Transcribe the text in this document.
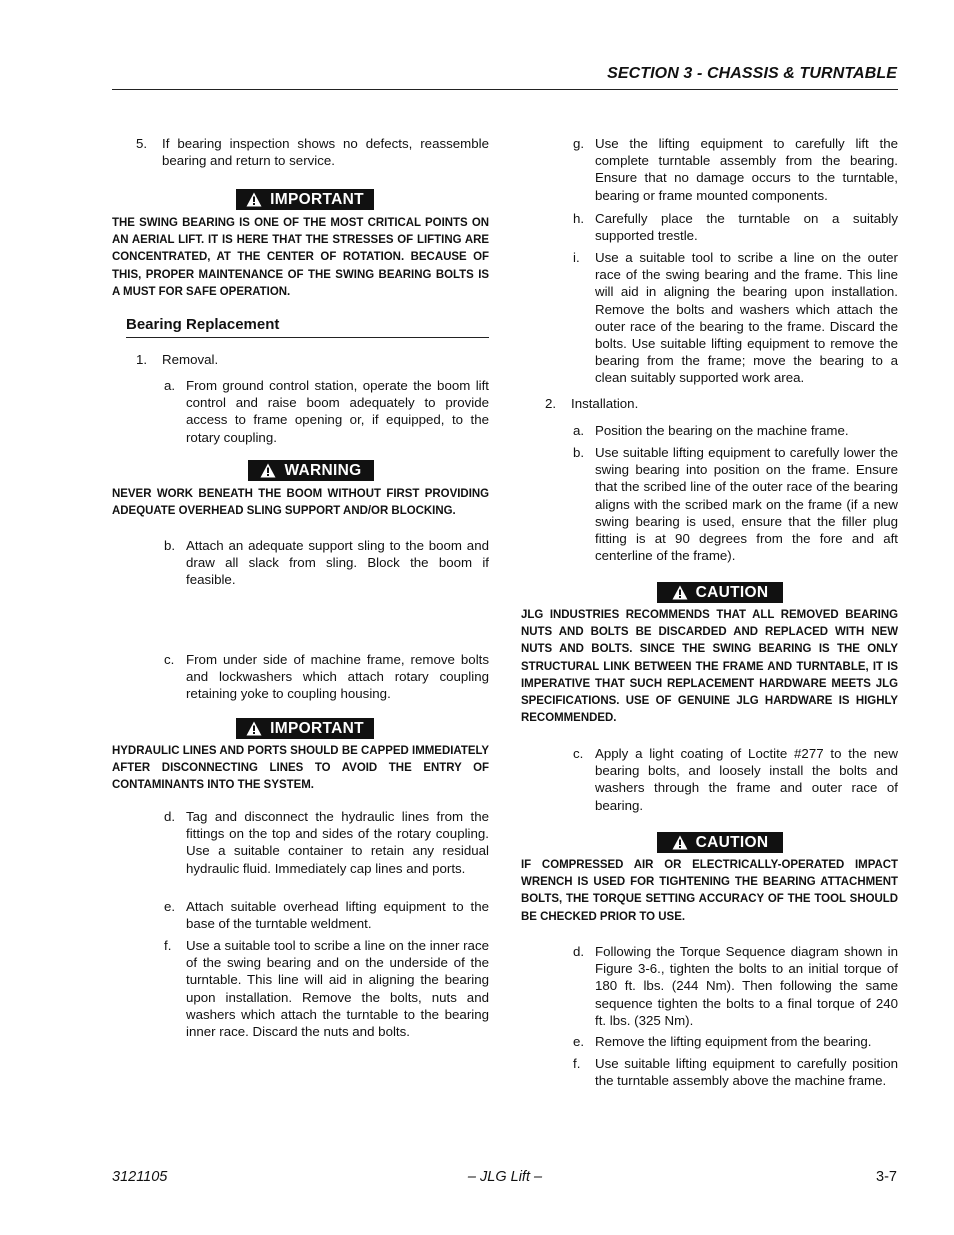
SECTION 3 - CHASSIS & TURNTABLE
5.	If bearing inspection shows no defects, reassemble bearing and return to service.
IMPORTANT
THE SWING BEARING IS ONE OF THE MOST CRITICAL POINTS ON AN AERIAL LIFT. IT IS HERE THAT THE STRESSES OF LIFTING ARE CONCENTRATED, AT THE CENTER OF ROTATION. BECAUSE OF THIS, PROPER MAINTENANCE OF THE SWING BEARING BOLTS IS A MUST FOR SAFE OPERATION.
Bearing Replacement
1.	Removal.
a. From ground control station, operate the boom lift control and raise boom adequately to provide access to frame opening or, if equipped, to the rotary coupling.
WARNING
NEVER WORK BENEATH THE BOOM WITHOUT FIRST PROVIDING ADEQUATE OVERHEAD SLING SUPPORT AND/OR BLOCKING.
b. Attach an adequate support sling to the boom and draw all slack from sling. Block the boom if feasible.
c. From under side of machine frame, remove bolts and lockwashers which attach rotary coupling retaining yoke to coupling housing.
IMPORTANT
HYDRAULIC LINES AND PORTS SHOULD BE CAPPED IMMEDIATELY AFTER DISCONNECTING LINES TO AVOID THE ENTRY OF CONTAMINANTS INTO THE SYSTEM.
d. Tag and disconnect the hydraulic lines from the fittings on the top and sides of the rotary coupling. Use a suitable container to retain any residual hydraulic fluid. Immediately cap lines and ports.
e. Attach suitable overhead lifting equipment to the base of the turntable weldment.
f.	Use a suitable tool to scribe a line on the inner race of the swing bearing and on the underside of the turntable. This line will aid in aligning the bearing upon installation. Remove the bolts, nuts and washers which attach the turntable to the bearing inner race. Discard the nuts and bolts.
g. Use the lifting equipment to carefully lift the complete turntable assembly from the bearing. Ensure that no damage occurs to the turntable, bearing or frame mounted components.
h. Carefully place the turntable on a suitably supported trestle.
i.	Use a suitable tool to scribe a line on the outer race of the swing bearing and the frame. This line will aid in aligning the bearing upon installation. Remove the bolts and washers which attach the outer race of the bearing to the frame. Discard the bolts. Use suitable lifting equipment to remove the bearing from the frame; move the bearing to a clean suitably supported work area.
2.	Installation.
a. Position the bearing on the machine frame.
b. Use suitable lifting equipment to carefully lower the swing bearing into position on the frame. Ensure that the scribed line of the outer race of the bearing aligns with the scribed mark on the frame (if a new swing bearing is used, ensure that the filler plug fitting is at 90 degrees from the fore and aft centerline of the frame).
CAUTION
JLG INDUSTRIES RECOMMENDS THAT ALL REMOVED BEARING NUTS AND BOLTS BE DISCARDED AND REPLACED WITH NEW NUTS AND BOLTS. SINCE THE SWING BEARING IS THE ONLY STRUCTURAL LINK BETWEEN THE FRAME AND TURNTABLE, IT IS IMPERATIVE THAT SUCH REPLACEMENT HARDWARE MEETS JLG SPECIFICATIONS. USE OF GENUINE JLG HARDWARE IS HIGHLY RECOMMENDED.
c. Apply a light coating of Loctite #277 to the new bearing bolts, and loosely install the bolts and washers through the frame and outer race of bearing.
CAUTION
IF COMPRESSED AIR OR ELECTRICALLY-OPERATED IMPACT WRENCH IS USED FOR TIGHTENING THE BEARING ATTACHMENT BOLTS, THE TORQUE SETTING ACCURACY OF THE TOOL SHOULD BE CHECKED PRIOR TO USE.
d. Following the Torque Sequence diagram shown in Figure 3-6., tighten the bolts to an initial torque of 180 ft. lbs. (244 Nm). Then following the same sequence tighten the bolts to a final torque of 240 ft. lbs. (325 Nm).
e. Remove the lifting equipment from the bearing.
f.	Use suitable lifting equipment to carefully position the turntable assembly above the machine frame.
3121105	– JLG Lift –	3-7
